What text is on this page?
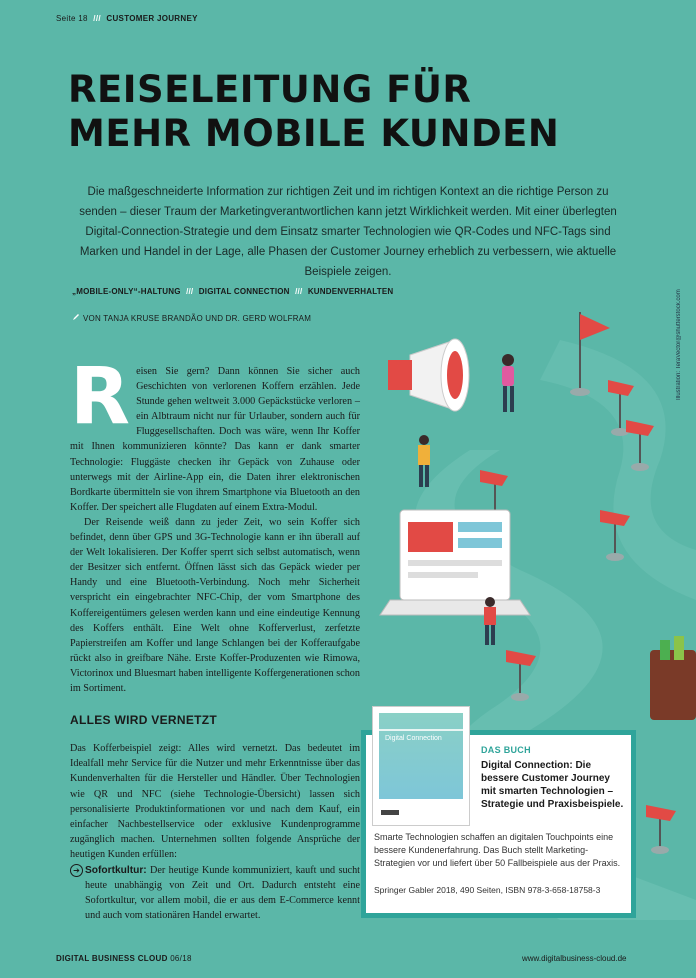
Seite 18 /// CUSTOMER JOURNEY
REISELEITUNG FÜR
MEHR MOBILE KUNDEN
Die maßgeschneiderte Information zur richtigen Zeit und im richtigen Kontext an die richtige Person zu senden – dieser Traum der Marketingverantwortlichen kann jetzt Wirklichkeit werden. Mit einer überlegten Digital-Connection-Strategie und dem Einsatz smarter Technologien wie QR-Codes und NFC-Tags sind Marken und Handel in der Lage, alle Phasen der Customer Journey erheblich zu verbessern, wie aktuelle Beispiele zeigen.
„MOBILE-ONLY“-HALTUNG /// DIGITAL CONNECTION /// KUNDENVERHALTEN
VON TANJA KRUSE BRANDÃO UND DR. GERD WOLFRAM
R eisen Sie gern? Dann können Sie sicher auch Geschichten von verlorenen Koffern erzählen. Jede Stunde gehen weltweit 3.000 Gepäckstücke verloren – ein Albtraum nicht nur für Urlauber, sondern auch für Fluggesellschaften. Doch was wäre, wenn Ihr Koffer mit Ihnen kommunizieren könnte? Das kann er dank smarter Technologie: Fluggäste checken ihr Gepäck von Zuhause oder unterwegs mit der Airline-App ein, die Daten ihrer elektronischen Bordkarte übermitteln sie von ihrem Smartphone via Bluetooth an den Koffer. Der speichert alle Flugdaten auf einem Extra-Modul.

Der Reisende weiß dann zu jeder Zeit, wo sein Koffer sich befindet, denn über GPS und 3G-Technologie kann er ihn überall auf der Welt lokalisieren. Der Koffer sperrt sich selbst automatisch, wenn der Besitzer sich entfernt. Öffnen lässt sich das Gepäck wieder per Handy und eine Bluetooth-Verbindung. Noch mehr Sicherheit verspricht ein eingebrachter NFC-Chip, der vom Smartphone des Koffereigentümers gelesen werden kann und eine eindeutige Kennung des Koffers enthält. Eine Welt ohne Kofferverlust, zerfetzte Papierstreifen am Koffer und lange Schlangen bei der Kofferaufgabe rückt also in greifbare Nähe. Erste Koffer-Produzenten wie Rimowa, Victorinox und Bluesmart haben intelligente Koffergenerationen schon im Sortiment.

ALLES WIRD VERNETZT

Das Kofferbeispiel zeigt: Alles wird vernetzt. Das bedeutet im Idealfall mehr Service für die Nutzer und mehr Erkenntnisse über das Kundenverhalten für die Hersteller und Händler. Über Technologien wie QR und NFC (siehe Technologie-Übersicht) lassen sich personalisierte Produktinformationen vor und nach dem Kauf, ein einfacher Nachbestellservice oder exklusive Kundenprogramme zugänglich machen. Unternehmen sollten folgende Ansprüche der heutigen Kunden erfüllen:

➔ Sofortkultur: Der heutige Kunde kommuniziert, kauft und sucht heute unabhängig von Zeit und Ort. Dadurch entsteht eine Sofortkultur, vor allem mobil, die er aus dem E-Commerce kennt und auch vom stationären Handel erwartet.
Illustration: TeraVector@shutterstock.com
DAS BUCH
Digital Connection: Die bessere Customer Journey mit smarten Technologien – Strategie und Praxisbeispiele.
Smarte Technologien schaffen an digitalen Touchpoints eine bessere Kundenerfahrung. Das Buch stellt Marketing-Strategien vor und liefert über 50 Fallbeispiele aus der Praxis.
Springer Gabler 2018, 490 Seiten, ISBN 978-3-658-18758-3
Digital Connection
DIGITAL BUSINESS CLOUD 06/18	www.digitalbusiness-cloud.de
